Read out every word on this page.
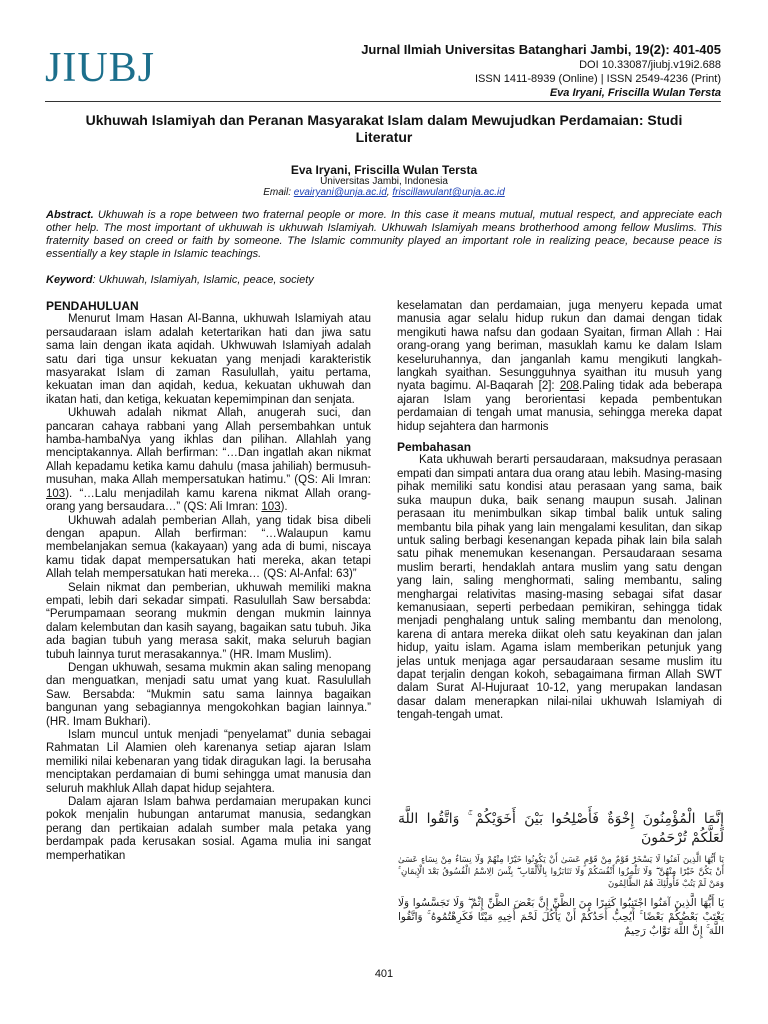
JIUBJ	Jurnal Ilmiah Universitas Batanghari Jambi, 19(2): 401-405
DOI 10.33087/jiubj.v19i2.688
ISSN 1411-8939 (Online) | ISSN 2549-4236 (Print)
Eva Iryani, Friscilla Wulan Tersta
Ukhuwah Islamiyah dan Peranan Masyarakat Islam dalam Mewujudkan Perdamaian: Studi Literatur
Eva Iryani, Friscilla Wulan Tersta
Universitas Jambi, Indonesia
Email: evairyani@unja.ac.id, friscillawulant@unja.ac.id
Abstract. Ukhuwah is a rope between two fraternal people or more. In this case it means mutual, mutual respect, and appreciate each other help. The most important of ukhuwah is ukhuwah Islamiyah. Ukhuwah Islamiyah means brotherhood among fellow Muslims. This fraternity based on creed or faith by someone. The Islamic community played an important role in realizing peace, because peace is essentially a key staple in Islamic teachings.
Keyword: Ukhuwah, Islamiyah, Islamic, peace, society
PENDAHULUAN

Menurut Imam Hasan Al-Banna, ukhuwah Islamiyah atau persaudaraan islam adalah ketertarikan hati dan jiwa satu sama lain dengan ikata aqidah. Ukhwuwah Islamiyah adalah satu dari tiga unsur kekuatan yang menjadi karakteristik masyarakat Islam di zaman Rasulullah, yaitu pertama, kekuatan iman dan aqidah, kedua, kekuatan ukhuwah dan ikatan hati, dan ketiga, kekuatan kepemimpinan dan senjata.

Ukhuwah adalah nikmat Allah, anugerah suci, dan pancaran cahaya rabbani yang Allah persembahkan untuk hamba-hambaNya yang ikhlas dan pilihan. Allahlah yang menciptakannya. Allah berfirman: “…Dan ingatlah akan nikmat Allah kepadamu ketika kamu dahulu (masa jahiliah) bermusuh-musuhan, maka Allah mempersatukan hatimu.” (QS: Ali Imran: 103). “…Lalu menjadilah kamu karena nikmat Allah orang-orang yang bersaudara…” (QS: Ali Imran: 103).

Ukhuwah adalah pemberian Allah, yang tidak bisa dibeli dengan apapun. Allah berfirman: “…Walaupun kamu membelanjakan semua (kakayaan) yang ada di bumi, niscaya kamu tidak dapat mempersatukan hati mereka, akan tetapi Allah telah mempersatukan hati mereka… (QS: Al-Anfal: 63)”

Selain nikmat dan pemberian, ukhuwah memiliki makna empati, lebih dari sekadar simpati. Rasulullah Saw bersabda: “Perumpamaan seorang mukmin dengan mukmin lainnya dalam kelembutan dan kasih sayang, bagaikan satu tubuh. Jika ada bagian tubuh yang merasa sakit, maka seluruh bagian tubuh lainnya turut merasakannya.” (HR. Imam Muslim).

Dengan ukhuwah, sesama mukmin akan saling menopang dan menguatkan, menjadi satu umat yang kuat. Rasulullah Saw. Bersabda: “Mukmin satu sama lainnya bagaikan bangunan yang sebagiannya mengokohkan bagian lainnya.” (HR. Imam Bukhari).

Islam muncul untuk menjadi “penyelamat” dunia sebagai Rahmatan Lil Alamien oleh karenanya setiap ajaran Islam memiliki nilai kebenaran yang tidak diragukan lagi. Ia berusaha menciptakan perdamaian di bumi sehingga umat manusia dan seluruh makhluk Allah dapat hidup sejahtera.

Dalam ajaran Islam bahwa perdamaian merupakan kunci pokok menjalin hubungan antarumat manusia, sedangkan perang dan pertikaian adalah sumber mala petaka yang berdampak pada kerusakan sosial. Agama mulia ini sangat memperhatikan

keselamatan dan perdamaian, juga menyeru kepada umat manusia agar selalu hidup rukun dan damai dengan tidak mengikuti hawa nafsu dan godaan Syaitan, firman Allah : Hai orang-orang yang beriman, masuklah kamu ke dalam Islam keseluruhannya, dan janganlah kamu mengikuti langkah-langkah syaithan. Sesungguhnya syaithan itu musuh yang nyata bagimu. Al-Baqarah [2]: 208.Paling tidak ada beberapa ajaran Islam yang berorientasi kepada pembentukan perdamaian di tengah umat manusia, sehingga mereka dapat hidup sejahtera dan harmonis

Pembahasan

Kata ukhuwah berarti persaudaraan, maksudnya perasaan empati dan simpati antara dua orang atau lebih. Masing-masing pihak memiliki satu kondisi atau perasaan yang sama, baik suka maupun duka, baik senang maupun susah. Jalinan perasaan itu menimbulkan sikap timbal balik untuk saling membantu bila pihak yang lain mengalami kesulitan, dan sikap untuk saling berbagi kesenangan kepada pihak lain bila salah satu pihak menemukan kesenangan. Persaudaraan sesama muslim berarti, hendaklah antara muslim yang satu dengan yang lain, saling menghormati, saling membantu, saling menghargai relativitas masing-masing sebagai sifat dasar kemanusiaan, seperti perbedaan pemikiran, sehingga tidak menjadi penghalang untuk saling membantu dan menolong, karena di antara mereka diikat oleh satu keyakinan dan jalan hidup, yaitu islam. Agama islam memberikan petunjuk yang jelas untuk menjaga agar persaudaraan sesame muslim itu dapat terjalin dengan kokoh, sebagaimana firman Allah SWT dalam Surat Al-Hujuraat 10-12, yang merupakan landasan dasar dalam menerapkan nilai-nilai ukhuwah Islamiyah di tengah-tengah umat.

إِنَّمَا الْمُؤْمِنُونَ إِخْوَةٌ فَأَصْلِحُوا بَيْنَ أَخَوَيْكُمْ ۚ وَاتَّقُوا اللَّهَ لَعَلَّكُمْ تُرْحَمُونَ
يَا أَيُّهَا الَّذِينَ آمَنُوا لَا يَسْخَرْ قَوْمٌ مِنْ قَوْمٍ عَسَىٰ أَنْ يَكُونُوا خَيْرًا مِنْهُمْ وَلَا نِسَاءٌ مِنْ نِسَاءٍ عَسَىٰ أَنْ يَكُنَّ خَيْرًا مِنْهُنَّ ۖ وَلَا تَلْمِزُوا أَنْفُسَكُمْ وَلَا تَنَابَزُوا بِالْأَلْقَابِ ۖ بِئْسَ الِاسْمُ الْفُسُوقُ بَعْدَ الْإِيمَانِ ۚ وَمَنْ لَمْ يَتُبْ فَأُولَٰئِكَ هُمُ الظَّالِمُونَ
يَا أَيُّهَا الَّذِينَ آمَنُوا اجْتَنِبُوا كَثِيرًا مِنَ الظَّنِّ إِنَّ بَعْضَ الظَّنِّ إِثْمٌ ۖ وَلَا تَجَسَّسُوا وَلَا يَغْتَبْ بَعْضُكُمْ بَعْضًا ۚ أَيُحِبُّ أَحَدُكُمْ أَنْ يَأْكُلَ لَحْمَ أَخِيهِ مَيْتًا فَكَرِهْتُمُوهُ ۚ وَاتَّقُوا اللَّهَ ۚ إِنَّ اللَّهَ تَوَّابٌ رَحِيمٌ
401
